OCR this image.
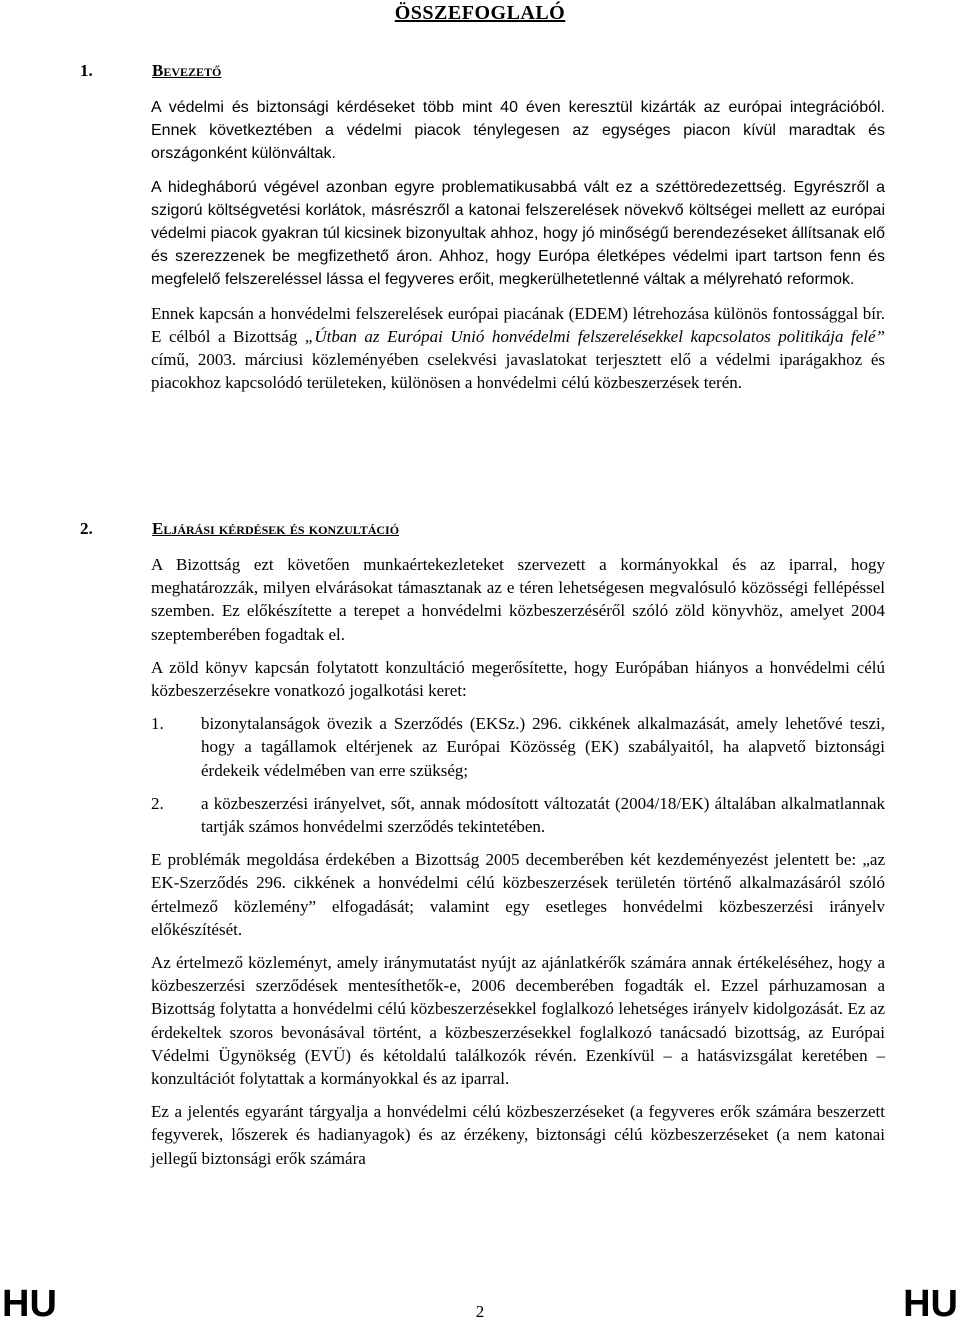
ÖSSZEFOGLALÓ
1.	Bevezető

A védelmi és biztonsági kérdéseket több mint 40 éven keresztül kizárták az európai integrációból. Ennek következtében a védelmi piacok ténylegesen az egységes piacon kívül maradtak és országonként különváltak.

A hidegháború végével azonban egyre problematikusabbá vált ez a széttöredezettség. Egyrészről a szigorú költségvetési korlátok, másrészről a katonai felszerelések növekvő költségei mellett az európai védelmi piacok gyakran túl kicsinek bizonyultak ahhoz, hogy jó minőségű berendezéseket állítsanak elő és szerezzenek be megfizethető áron. Ahhoz, hogy Európa életképes védelmi ipart tartson fenn és megfelelő felszereléssel lássa el fegyveres erőit, megkerülhetetlenné váltak a mélyreható reformok.

Ennek kapcsán a honvédelmi felszerelések európai piacának (EDEM) létrehozása különös fontossággal bír. E célból a Bizottság „Útban az Európai Unió honvédelmi felszerelésekkel kapcsolatos politikája felé” című, 2003. márciusi közleményében cselekvési javaslatokat terjesztett elő a védelmi iparágakhoz és piacokhoz kapcsolódó területeken, különösen a honvédelmi célú közbeszerzések terén.

2.	Eljárási kérdések és konzultáció

A Bizottság ezt követően munkaértekezleteket szervezett a kormányokkal és az iparral, hogy meghatározzák, milyen elvárásokat támasztanak az e téren lehetségesen megvalósuló közösségi fellépéssel szemben. Ez előkészítette a terepet a honvédelmi közbeszerzéséről szóló zöld könyvhöz, amelyet 2004 szeptemberében fogadtak el.

A zöld könyv kapcsán folytatott konzultáció megerősítette, hogy Európában hiányos a honvédelmi célú közbeszerzésekre vonatkozó jogalkotási keret:

1.	bizonytalanságok övezik a Szerződés (EKSz.) 296. cikkének alkalmazását, amely lehetővé teszi, hogy a tagállamok eltérjenek az Európai Közösség (EK) szabályaitól, ha alapvető biztonsági érdekeik védelmében van erre szükség;
2.	a közbeszerzési irányelvet, sőt, annak módosított változatát (2004/18/EK) általában alkalmatlannak tartják számos honvédelmi szerződés tekintetében.

E problémák megoldása érdekében a Bizottság 2005 decemberében két kezdeményezést jelentett be: „az EK-Szerződés 296. cikkének a honvédelmi célú közbeszerzések területén történő alkalmazásáról szóló értelmező közlemény” elfogadását; valamint egy esetleges honvédelmi közbeszerzési irányelv előkészítését.

Az értelmező közleményt, amely iránymutatást nyújt az ajánlatkérők számára annak értékeléséhez, hogy a közbeszerzési szerződések mentesíthetők-e, 2006 decemberében fogadták el. Ezzel párhuzamosan a Bizottság folytatta a honvédelmi célú közbeszerzésekkel foglalkozó lehetséges irányelv kidolgozását. Ez az érdekeltek szoros bevonásával történt, a közbeszerzésekkel foglalkozó tanácsadó bizottság, az Európai Védelmi Ügynökség (EVÜ) és kétoldalú találkozók révén. Ezenkívül – a hatásvizsgálat keretében – konzultációt folytattak a kormányokkal és az iparral.

Ez a jelentés egyaránt tárgyalja a honvédelmi célú közbeszerzéseket (a fegyveres erők számára beszerzett fegyverek, lőszerek és hadianyagok) és az érzékeny, biztonsági célú közbeszerzéseket (a nem katonai jellegű biztonsági erők számára

HU	2	HU
